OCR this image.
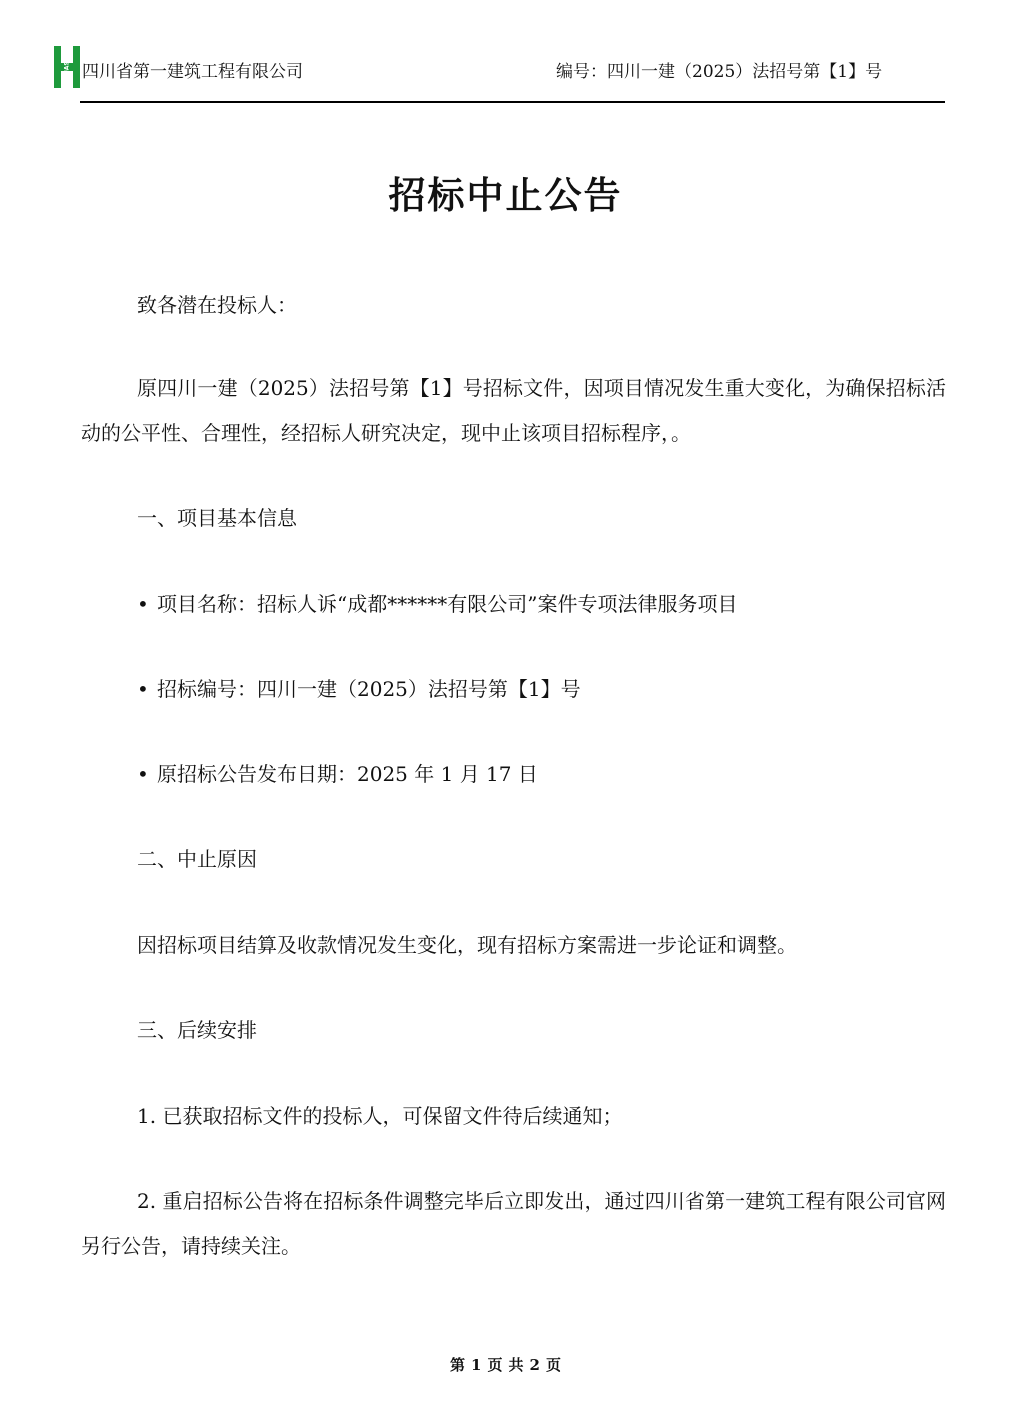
HUASHI 四川省第一建筑工程有限公司	编号：四川一建（2025）法招号第【1】号
招标中止公告
致各潜在投标人：
原四川一建（2025）法招号第【1】号招标文件，因项目情况发生重大变化，为确保招标活动的公平性、合理性，经招标人研究决定，现中止该项目招标程序，。
一、项目基本信息
• 项目名称：招标人诉“成都******有限公司”案件专项法律服务项目
• 招标编号：四川一建（2025）法招号第【1】号
• 原招标公告发布日期：2025 年 1 月 17 日
二、中止原因
因招标项目结算及收款情况发生变化，现有招标方案需进一步论证和调整。
三、后续安排
1. 已获取招标文件的投标人，可保留文件待后续通知；
2. 重启招标公告将在招标条件调整完毕后立即发出，通过四川省第一建筑工程有限公司官网另行公告，请持续关注。
第 1 页 共 2 页
